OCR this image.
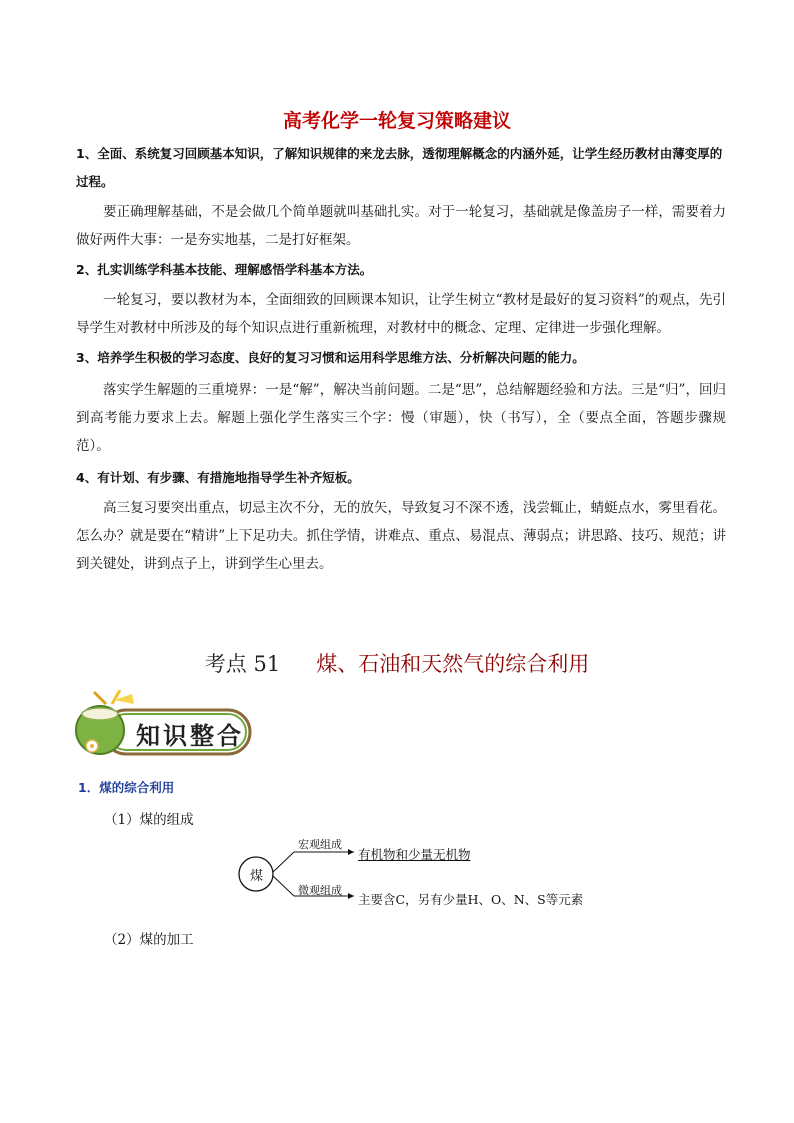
高考化学一轮复习策略建议
1、全面、系统复习回顾基本知识，了解知识规律的来龙去脉，透彻理解概念的内涵外延，让学生经历教材由薄变厚的过程。
要正确理解基础，不是会做几个简单题就叫基础扎实。对于一轮复习，基础就是像盖房子一样，需要着力做好两件大事：一是夯实地基，二是打好框架。
2、扎实训练学科基本技能、理解感悟学科基本方法。
一轮复习，要以教材为本，全面细致的回顾课本知识，让学生树立“教材是最好的复习资料”的观点，先引导学生对教材中所涉及的每个知识点进行重新梳理，对教材中的概念、定理、定律进一步强化理解。
3、培养学生积极的学习态度、良好的复习习惯和运用科学思维方法、分析解决问题的能力。
落实学生解题的三重境界：一是“解”，解决当前问题。二是“思”，总结解题经验和方法。三是“归”，回归到高考能力要求上去。解题上强化学生落实三个字：慢（审题），快（书写），全（要点全面，答题步骤规范）。
4、有计划、有步骤、有措施地指导学生补齐短板。
高三复习要突出重点，切忌主次不分，无的放矢，导致复习不深不透，浅尝辄止，蜻蜓点水，雾里看花。怎么办？就是要在“精讲”上下足功夫。抓住学情，讲难点、重点、易混点、薄弱点；讲思路、技巧、规范；讲到关键处，讲到点子上，讲到学生心里去。
考点 51 煤、石油和天然气的综合利用
知识整合
1．煤的综合利用
（1）煤的组成
煤
宏观组成
有机物和少量无机物
微观组成
主要含C，另有少量H、O、N、S等元素
（2）煤的加工
